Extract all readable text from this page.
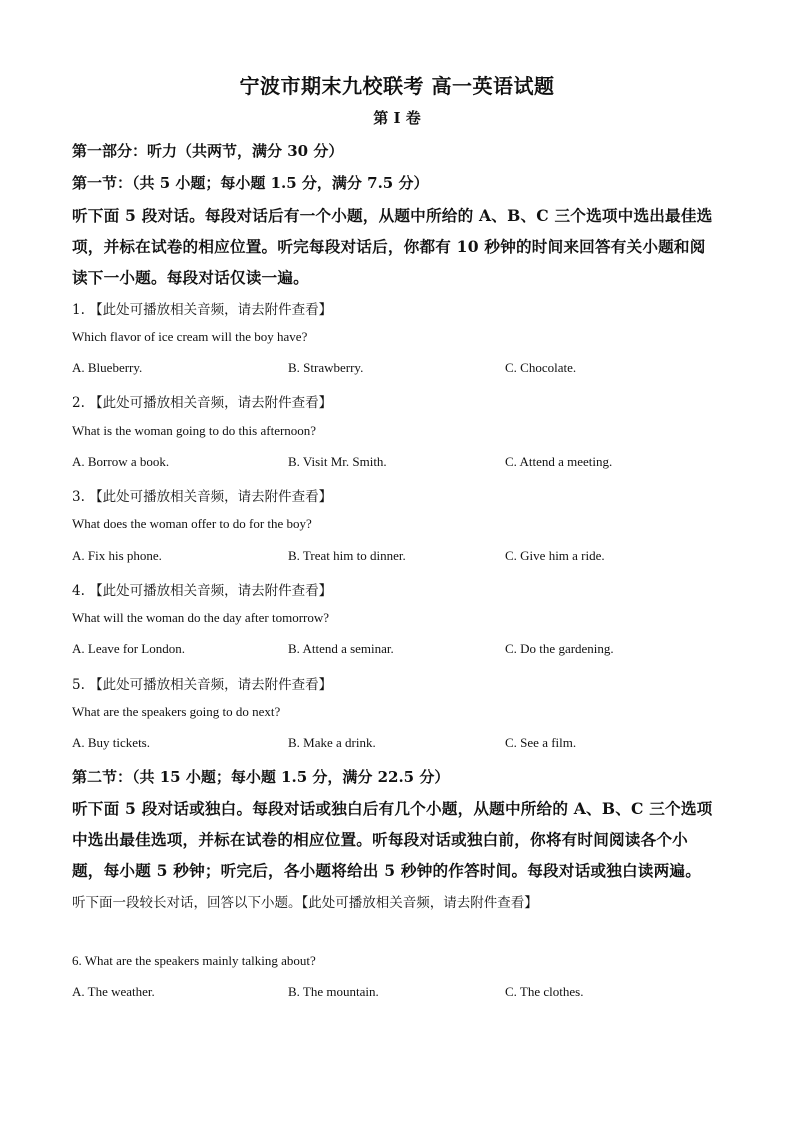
宁波市期末九校联考 高一英语试题
第 I 卷
第一部分：听力（共两节，满分 30 分）
第一节：（共 5 小题；每小题 1.5 分，满分 7.5 分）
听下面 5 段对话。每段对话后有一个小题，从题中所给的 A、B、C 三个选项中选出最佳选
项，并标在试卷的相应位置。听完每段对话后，你都有 10 秒钟的时间来回答有关小题和阅
读下一小题。每段对话仅读一遍。
1. 【此处可播放相关音频，请去附件查看】
Which flavor of ice cream will the boy have?
A. Blueberry.	B. Strawberry.	C. Chocolate.
2. 【此处可播放相关音频，请去附件查看】
What is the woman going to do this afternoon?
A. Borrow a book.	B. Visit Mr. Smith.	C. Attend a meeting.
3. 【此处可播放相关音频，请去附件查看】
What does the woman offer to do for the boy?
A. Fix his phone.	B. Treat him to dinner.	C. Give him a ride.
4. 【此处可播放相关音频，请去附件查看】
What will the woman do the day after tomorrow?
A. Leave for London.	B. Attend a seminar.	C. Do the gardening.
5. 【此处可播放相关音频，请去附件查看】
What are the speakers going to do next?
A. Buy tickets.	B. Make a drink.	C. See a film.
第二节：（共 15 小题；每小题 1.5 分，满分 22.5 分）
听下面 5 段对话或独白。每段对话或独白后有几个小题，从题中所给的 A、B、C 三个选项
中选出最佳选项，并标在试卷的相应位置。听每段对话或独白前，你将有时间阅读各个小
题，每小题 5 秒钟；听完后，各小题将给出 5 秒钟的作答时间。每段对话或独白读两遍。
听下面一段较长对话，回答以下小题。【此处可播放相关音频，请去附件查看】
6. What are the speakers mainly talking about?
A. The weather.	B. The mountain.	C. The clothes.
